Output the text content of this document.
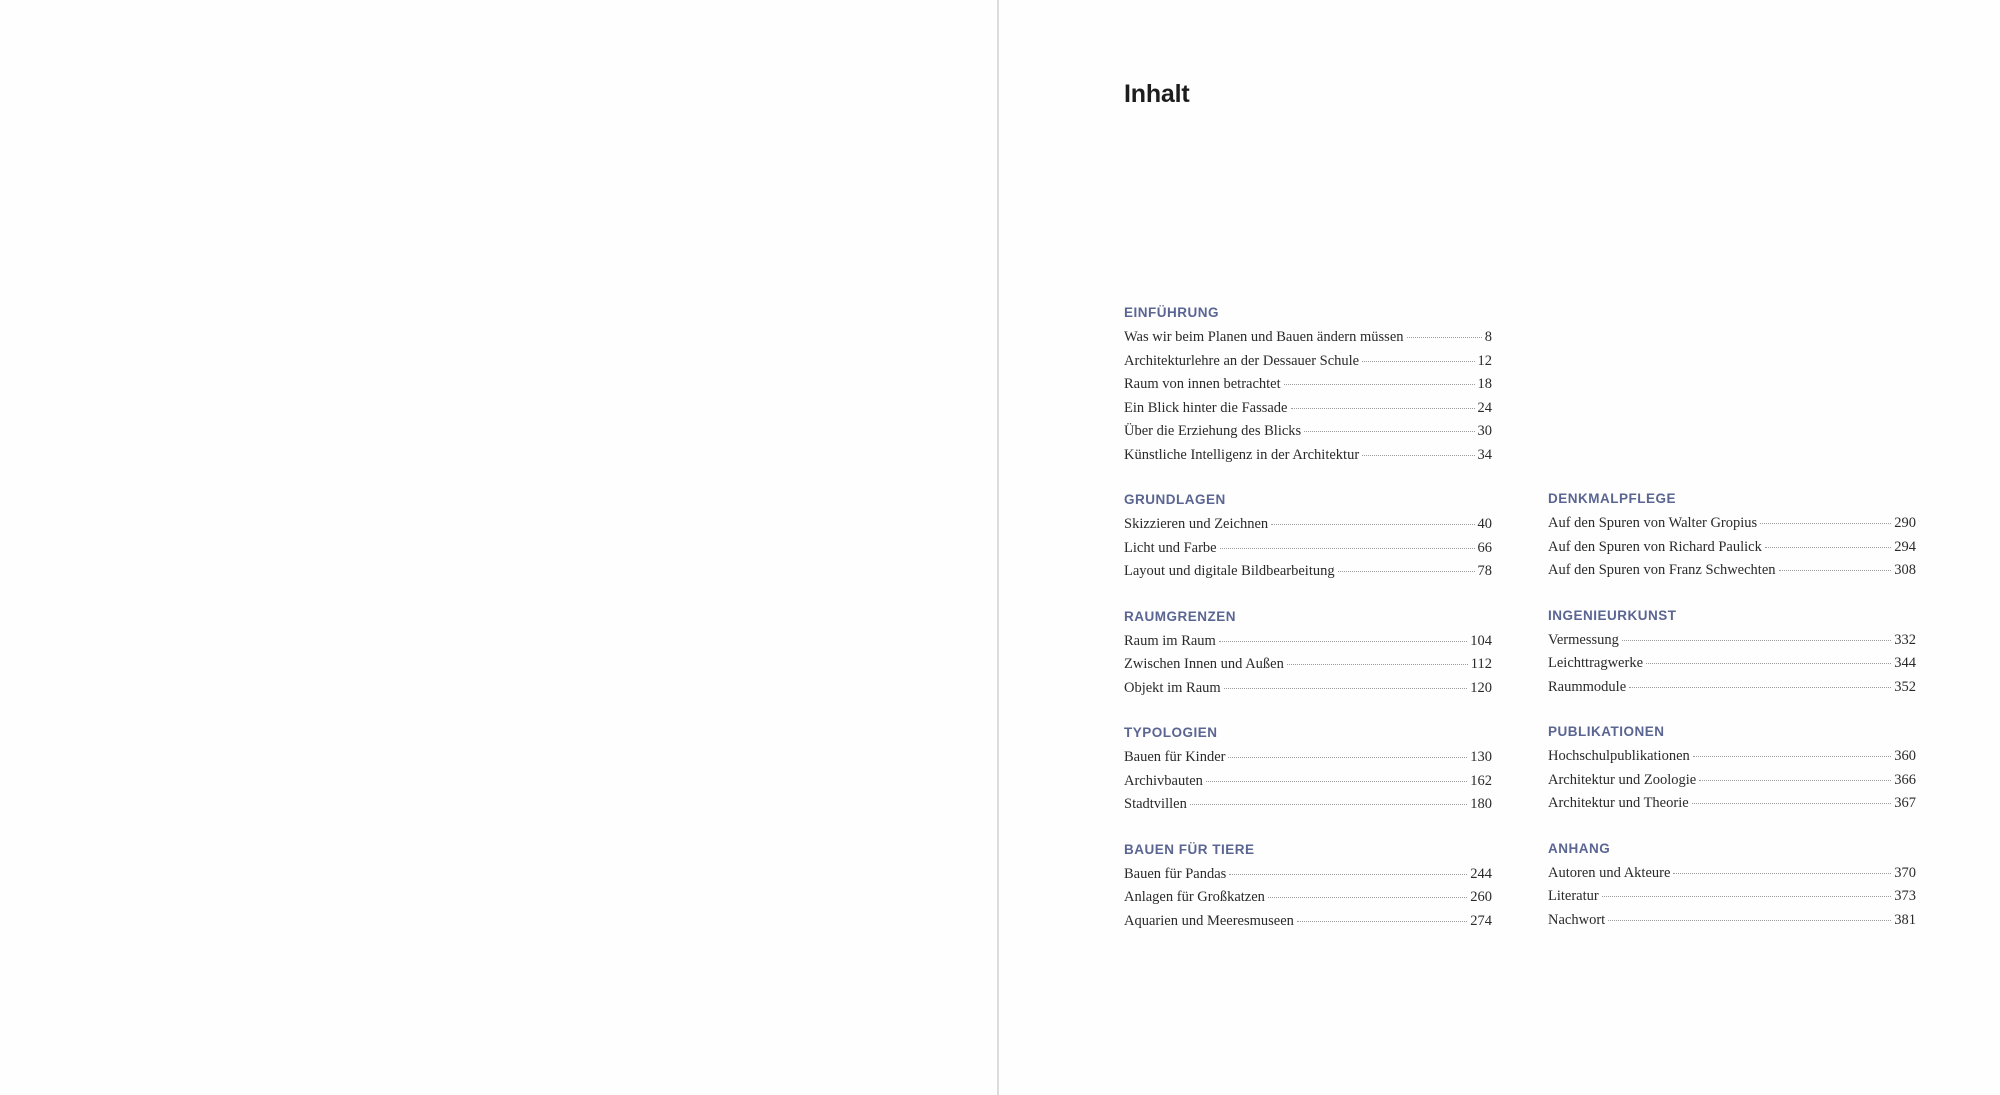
Inhalt
EINFÜHRUNG
Was wir beim Planen und Bauen ändern müssen	8
Architekturlehre an der Dessauer Schule	12
Raum von innen betrachtet	18
Ein Blick hinter die Fassade	24
Über die Erziehung des Blicks	30
Künstliche Intelligenz in der Architektur	34
GRUNDLAGEN
Skizzieren und Zeichnen	40
Licht und Farbe	66
Layout und digitale Bildbearbeitung	78
RAUMGRENZEN
Raum im Raum	104
Zwischen Innen und Außen	112
Objekt im Raum	120
TYPOLOGIEN
Bauen für Kinder	130
Archivbauten	162
Stadtvillen	180
BAUEN FÜR TIERE
Bauen für Pandas	244
Anlagen für Großkatzen	260
Aquarien und Meeresmuseen	274
DENKMALPFLEGE
Auf den Spuren von Walter Gropius	290
Auf den Spuren von Richard Paulick	294
Auf den Spuren von Franz Schwechten	308
INGENIEURKUNST
Vermessung	332
Leichttragwerke	344
Raummodule	352
PUBLIKATIONEN
Hochschulpublikationen	360
Architektur und Zoologie	366
Architektur und Theorie	367
ANHANG
Autoren und Akteure	370
Literatur	373
Nachwort	381
